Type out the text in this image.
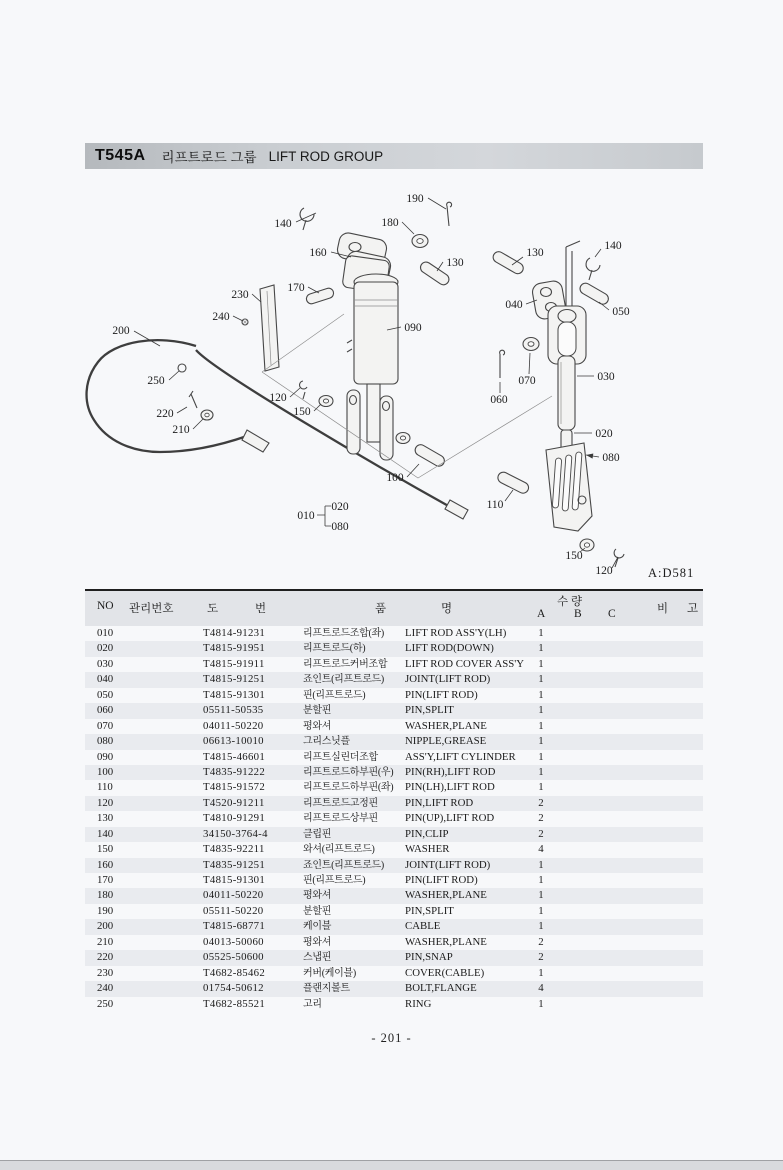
T545A 리프트로드 그룹 LIFT ROD GROUP
140
190
180
160
130
170
230
240
090
200
250
120
150
220
210
100
010
020
080
130
140
040
050
070
060
030
020
080
110
150
120	A:D581
NO 관리번호	도	번	품	명
수 량
A B C	비 고
010	T4814-91231	리프트로드조합(좌) LIFT ROD ASS'Y(LH)	1
020	T4815-91951	리프트로드(하)	LIFT ROD(DOWN)	1
030	T4815-91911	리프트로드커버조합 LIFT ROD COVER ASS'Y	1
040	T4815-91251	죠인트(리프트로드) JOINT(LIFT ROD)	1
050	T4815-91301	핀(리프트로드)	PIN(LIFT ROD)	1
060	05511-50535	분할핀	PIN,SPLIT	1
070	04011-50220	평와셔	WASHER,PLANE	1
080	06613-10010	그리스닛플	NIPPLE,GREASE	1
090	T4815-46601	리프트실린더조합	ASS'Y,LIFT CYLINDER	1
100	T4835-91222	리프트로드하부핀(우) PIN(RH),LIFT ROD	1
110	T4815-91572	리프트로드하부핀(좌) PIN(LH),LIFT ROD	1
120	T4520-91211	리프트로드고정핀	PIN,LIFT ROD	2
130	T4810-91291	리프트로드상부핀	PIN(UP),LIFT ROD	2
140	34150-3764-4	클립핀	PIN,CLIP	2
150	T4835-92211	와셔(리프트로드)	WASHER	4
160	T4835-91251	죠인트(리프트로드) JOINT(LIFT ROD)	1
170	T4815-91301	핀(리프트로드)	PIN(LIFT ROD)	1
180	04011-50220	평와셔	WASHER,PLANE	1
190	05511-50220	분할핀	PIN,SPLIT	1
200	T4815-68771	케이블	CABLE	1
210	04013-50060	평와셔	WASHER,PLANE	2
220	05525-50600	스냅핀	PIN,SNAP	2
230	T4682-85462	커버(케이블)	COVER(CABLE)	1
240	01754-50612	플랜지볼트	BOLT,FLANGE	4
250	T4682-85521	고리	RING	1
- 201 -
